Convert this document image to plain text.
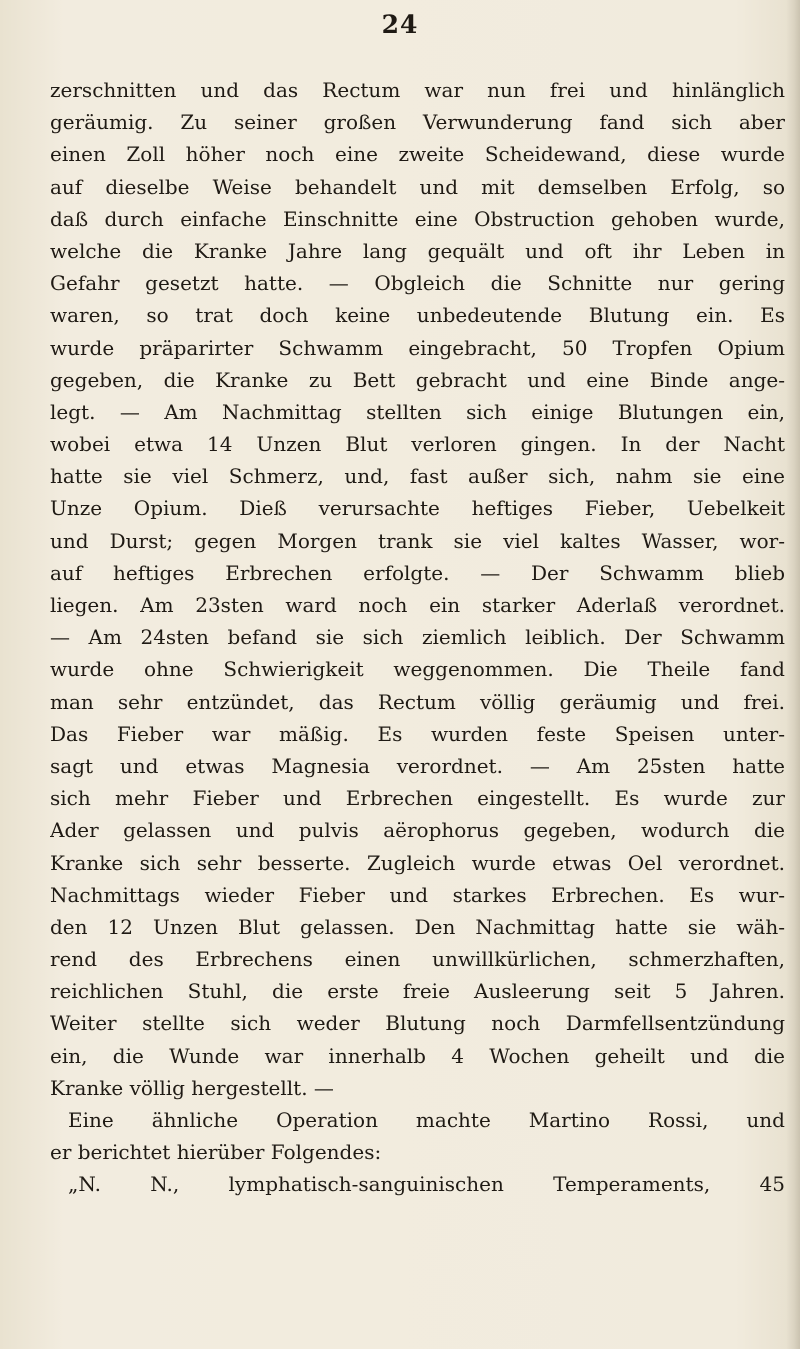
24
zerschnitten und das Rectum war nun frei und hinlänglich
geräumig. Zu seiner großen Verwunderung fand sich aber
einen Zoll höher noch eine zweite Scheidewand, diese wurde
auf dieselbe Weise behandelt und mit demselben Erfolg, so
daß durch einfache Einschnitte eine Obstruction gehoben wurde,
welche die Kranke Jahre lang gequält und oft ihr Leben in
Gefahr gesetzt hatte. — Obgleich die Schnitte nur gering
waren, so trat doch keine unbedeutende Blutung ein. Es
wurde präparirter Schwamm eingebracht, 50 Tropfen Opium
gegeben, die Kranke zu Bett gebracht und eine Binde ange-
legt. — Am Nachmittag stellten sich einige Blutungen ein,
wobei etwa 14 Unzen Blut verloren gingen. In der Nacht
hatte sie viel Schmerz, und, fast außer sich, nahm sie eine
Unze Opium. Dieß verursachte heftiges Fieber, Uebelkeit
und Durst; gegen Morgen trank sie viel kaltes Wasser, wor-
auf heftiges Erbrechen erfolgte. — Der Schwamm blieb
liegen. Am 23sten ward noch ein starker Aderlaß verordnet.
— Am 24sten befand sie sich ziemlich leiblich. Der Schwamm
wurde ohne Schwierigkeit weggenommen. Die Theile fand
man sehr entzündet, das Rectum völlig geräumig und frei.
Das Fieber war mäßig. Es wurden feste Speisen unter-
sagt und etwas Magnesia verordnet. — Am 25sten hatte
sich mehr Fieber und Erbrechen eingestellt. Es wurde zur
Ader gelassen und pulvis aërophorus gegeben, wodurch die
Kranke sich sehr besserte. Zugleich wurde etwas Oel verordnet.
Nachmittags wieder Fieber und starkes Erbrechen. Es wur-
den 12 Unzen Blut gelassen. Den Nachmittag hatte sie wäh-
rend des Erbrechens einen unwillkürlichen, schmerzhaften,
reichlichen Stuhl, die erste freie Ausleerung seit 5 Jahren.
Weiter stellte sich weder Blutung noch Darmfellsentzündung
ein, die Wunde war innerhalb 4 Wochen geheilt und die
Kranke völlig hergestellt. —
Eine ähnliche Operation machte Martino Rossi, und
er berichtet hierüber Folgendes:
„N. N., lymphatisch-sanguinischen Temperaments, 45
